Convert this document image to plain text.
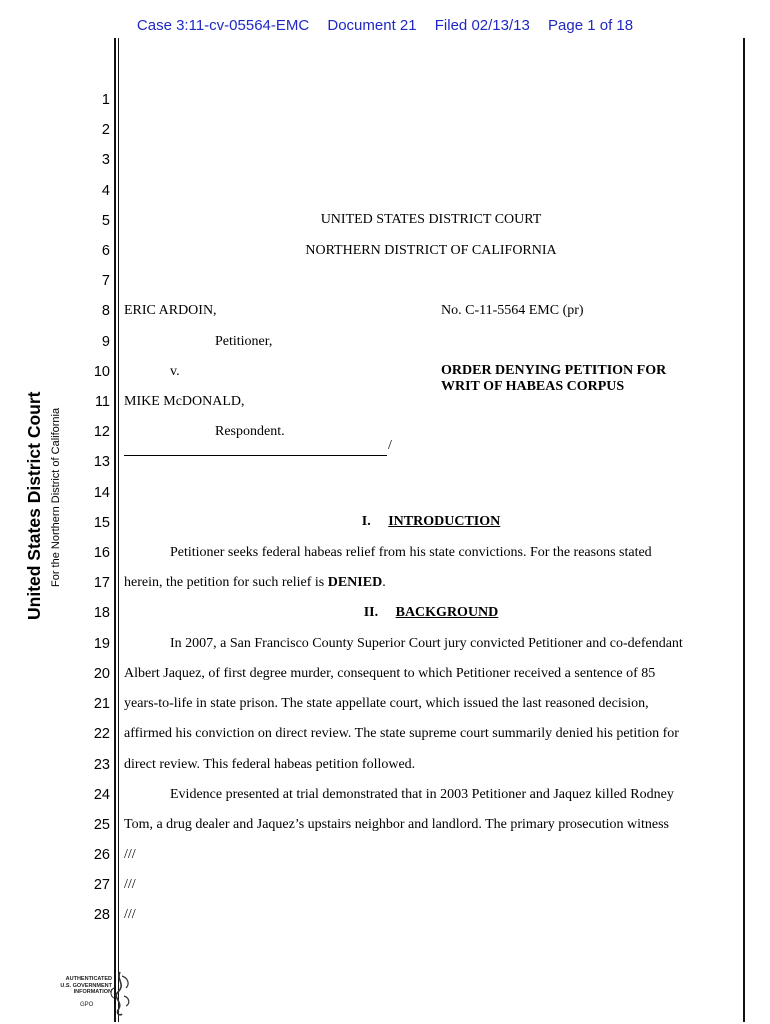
Case 3:11-cv-05564-EMC Document 21 Filed 02/13/13 Page 1 of 18
United States District Court For the Northern District of California
1
2
3
4
5
6
7
8
9
10
11
12
13
14
15
16
17
18
19
20
21
22
23
24
25
26
27
28
UNITED STATES DISTRICT COURT
NORTHERN DISTRICT OF CALIFORNIA
ERIC ARDOIN,	No. C-11-5564 EMC (pr)
Petitioner,
v.	ORDER DENYING PETITION FOR
WRIT OF HABEAS CORPUS
MIKE McDONALD,
Respondent.
/
I. INTRODUCTION
Petitioner seeks federal habeas relief from his state convictions. For the reasons stated
herein, the petition for such relief is DENIED.
II. BACKGROUND
In 2007, a San Francisco County Superior Court jury convicted Petitioner and co-defendant
Albert Jaquez, of first degree murder, consequent to which Petitioner received a sentence of 85
years-to-life in state prison. The state appellate court, which issued the last reasoned decision,
affirmed his conviction on direct review. The state supreme court summarily denied his petition for
direct review. This federal habeas petition followed.
Evidence presented at trial demonstrated that in 2003 Petitioner and Jaquez killed Rodney
Tom, a drug dealer and Jaquez’s upstairs neighbor and landlord. The primary prosecution witness
///
///
///
AUTHENTICATED
U.S. GOVERNMENT
INFORMATION
GPO
